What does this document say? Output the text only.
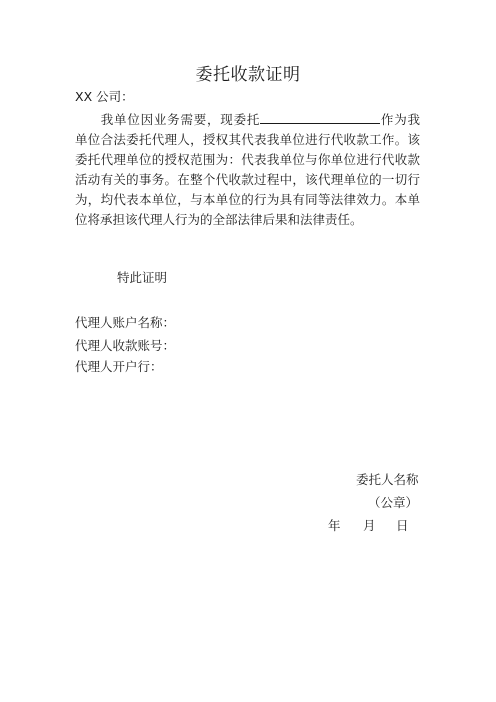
委托收款证明
XX 公司：
我单位因业务需要，现委托	作为我单位合法委托代理人，授权其代表我单位进行代收款工作。该委托代理单位的授权范围为：代表我单位与你单位进行代收款活动有关的事务。在整个代收款过程中，该代理单位的一切行为，均代表本单位，与本单位的行为具有同等法律效力。本单位将承担该代理人行为的全部法律后果和法律责任。
特此证明
代理人账户名称：
代理人收款账号：
代理人开户行：
委托人名称
（公章）
年 月 日
